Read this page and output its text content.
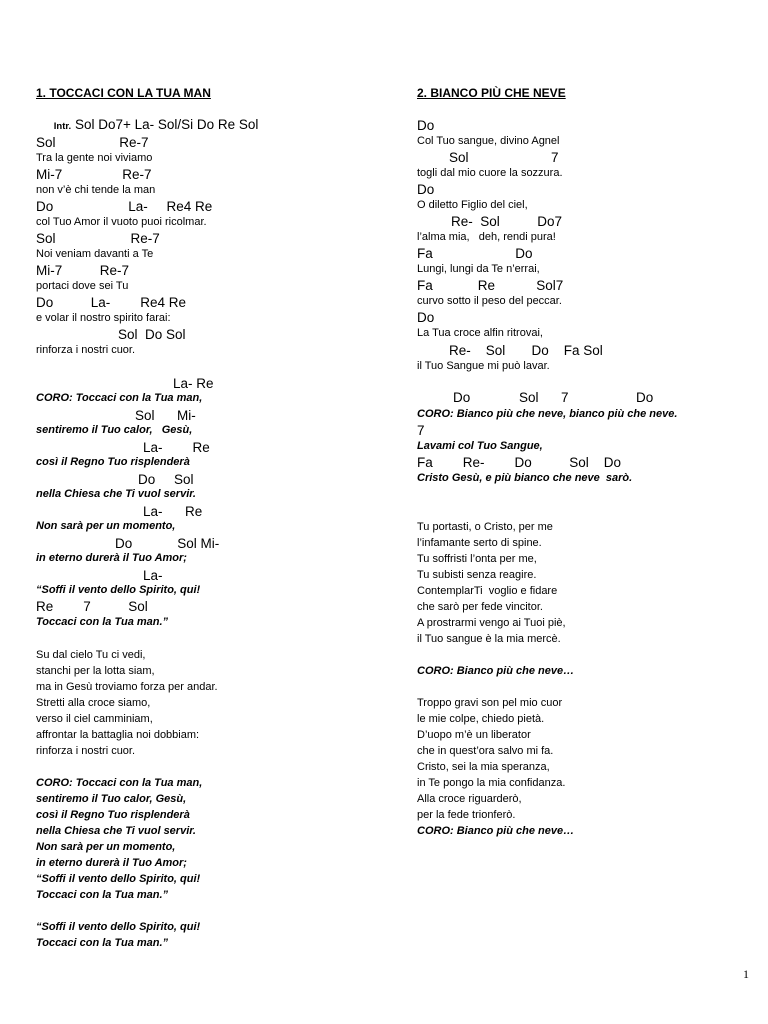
1. TOCCACI CON LA TUA MAN

Intr. Sol Do7+ La- Sol/Si Do Re Sol

Sol                 Re-7
Tra la gente noi viviamo
Mi-7                Re-7
non v’è chi tende la man
Do                    La-     Re4 Re
col Tuo Amor il vuoto puoi ricolmar.
Sol                    Re-7
Noi veniam davanti a Te
Mi-7          Re-7
portaci dove sei Tu
Do          La-        Re4 Re
e volar il nostro spirito farai:
Sol  Do Sol
rinforza i nostri cuor.
La- Re
CORO: Toccaci con la Tua man,
Sol      Mi-
sentiremo il Tuo calor,   Gesù,
La-        Re
così il Regno Tuo risplenderà
Do     Sol
nella Chiesa che Ti vuol servir.
La-      Re
Non sarà per un momento,
Do            Sol Mi-
in eterno durerà il Tuo Amor;
La-
“Soffi il vento dello Spirito, qui!
Re        7          Sol
Toccaci con la Tua man.”
Su dal cielo Tu ci vedi,
stanchi per la lotta siam,
ma in Gesù troviamo forza per andar.
Stretti alla croce siamo,
verso il ciel camminiam,
affrontar la battaglia noi dobbiam:
rinforza i nostri cuor.
CORO: Toccaci con la Tua man,
sentiremo il Tuo calor, Gesù,
così il Regno Tuo risplenderà
nella Chiesa che Ti vuol servir.
Non sarà per un momento,
in eterno durerà il Tuo Amor;
“Soffi il vento dello Spirito, qui!
Toccaci con la Tua man.”
“Soffi il vento dello Spirito, qui!
Toccaci con la Tua man.”
2. BIANCO PIÙ CHE NEVE
Do
Col Tuo sangue, divino Agnel
Sol                      7
togli dal mio cuore la sozzura.
Do
O diletto Figlio del ciel,
Re-  Sol          Do7
l’alma mia,   deh, rendi pura!
Fa                      Do
Lungi, lungi da Te n’errai,
Fa            Re           Sol7
curvo sotto il peso del peccar.
Do
La Tua croce alfin ritrovai,
Re-    Sol       Do    Fa Sol
il Tuo Sangue mi può lavar.
Do             Sol      7                  Do
CORO: Bianco più che neve, bianco più che neve.
7
Lavami col Tuo Sangue,
Fa        Re-        Do          Sol    Do
Cristo Gesù, e più bianco che neve  sarò.
Tu portasti, o Cristo, per me
l’infamante serto di spine.
Tu soffristi l’onta per me,
Tu subisti senza reagire.
ContemplarTi  voglio e fidare
che sarò per fede vincitor.
A prostrarmi vengo ai Tuoi piè,
il Tuo sangue è la mia mercè.
CORO: Bianco più che neve…
Troppo gravi son pel mio cuor
le mie colpe, chiedo pietà.
D’uopo m’è un liberator
che in quest’ora salvo mi fa.
Cristo, sei la mia speranza,
in Te pongo la mia confidanza.
Alla croce riguarderò,
per la fede trionferò.
CORO: Bianco più che neve…
1
